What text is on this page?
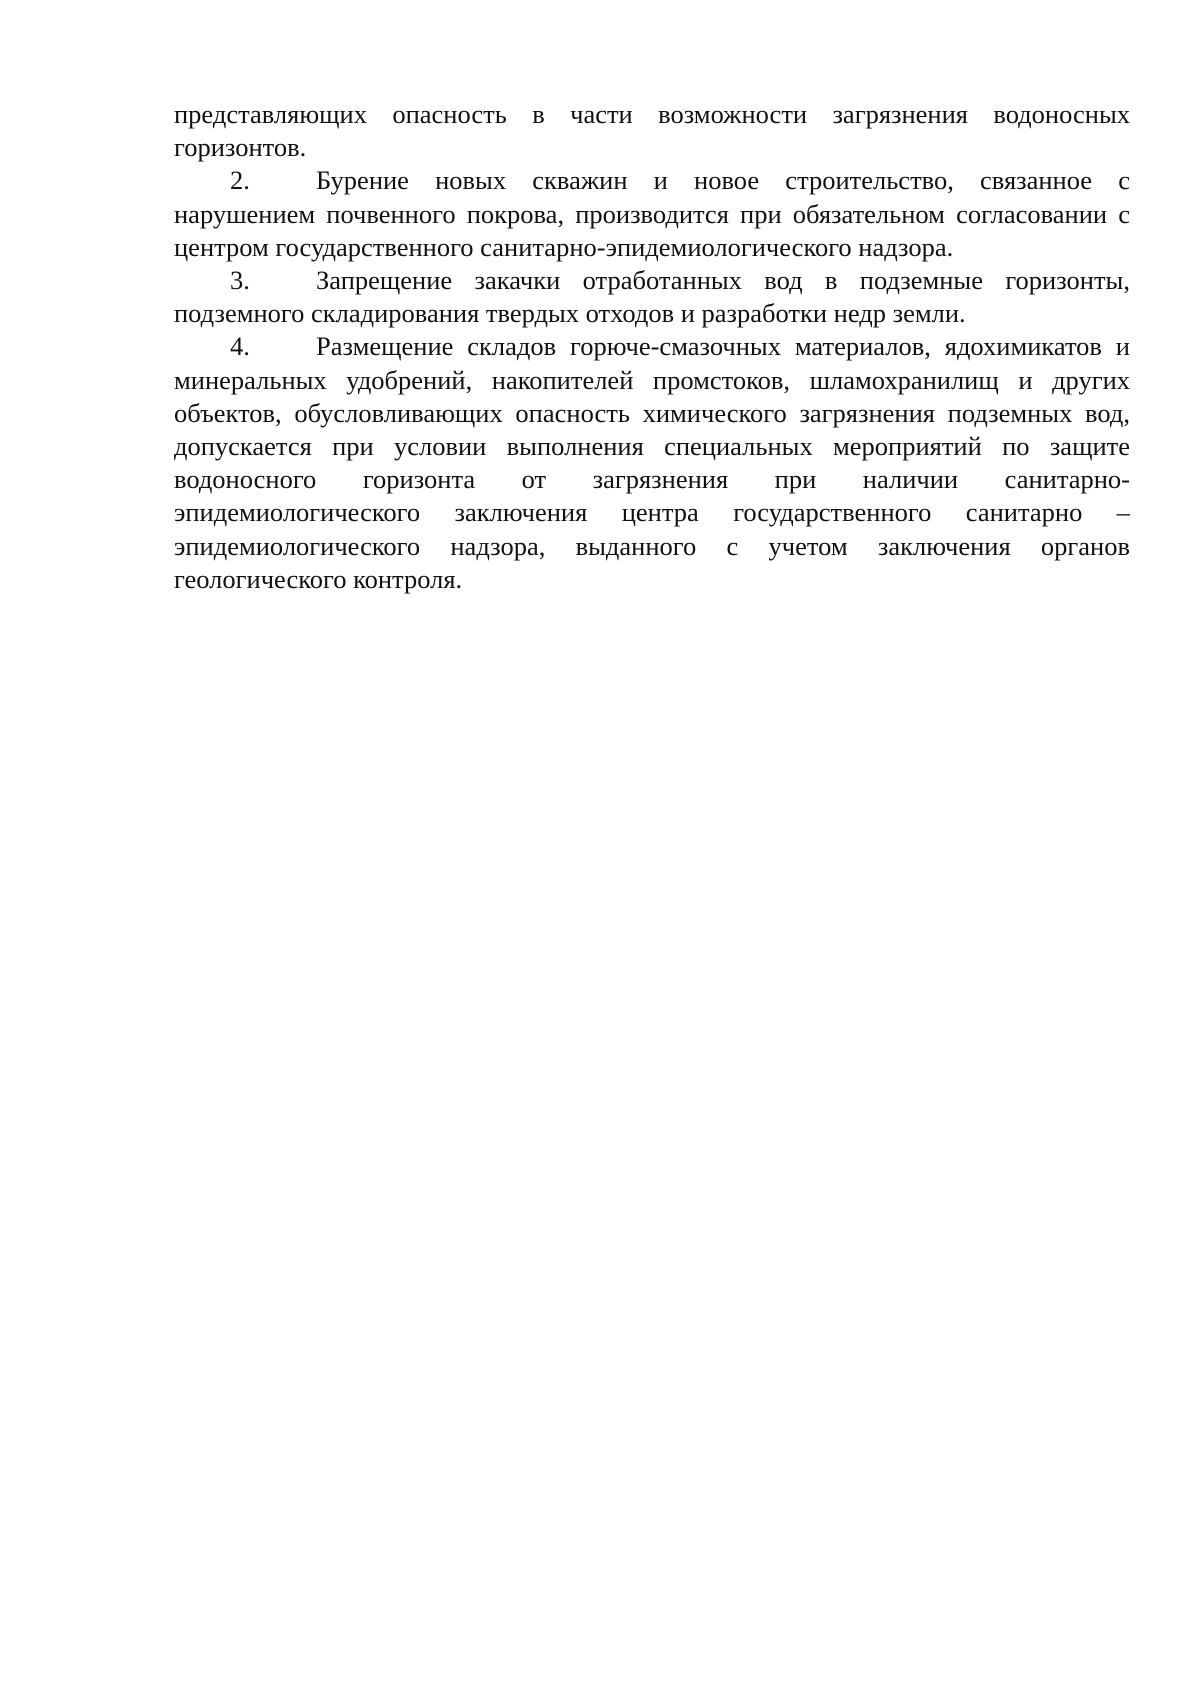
представляющих опасность в части возможности загрязнения водоносных горизонтов.

2. Бурение новых скважин и новое строительство, связанное с нарушением почвенного покрова, производится при обязательном согласовании с центром государственного санитарно-эпидемиологического надзора.

3. Запрещение закачки отработанных вод в подземные горизонты, подземного складирования твердых отходов и разработки недр земли.

4. Размещение складов горюче-смазочных материалов, ядохимикатов и минеральных удобрений, накопителей промстоков, шламохранилищ и других объектов, обусловливающих опасность химического загрязнения подземных вод, допускается при условии выполнения специальных мероприятий по защите водоносного горизонта от загрязнения при наличии санитарно-эпидемиологического заключения центра государственного санитарно – эпидемиологического надзора, выданного с учетом заключения органов геологического контроля.
